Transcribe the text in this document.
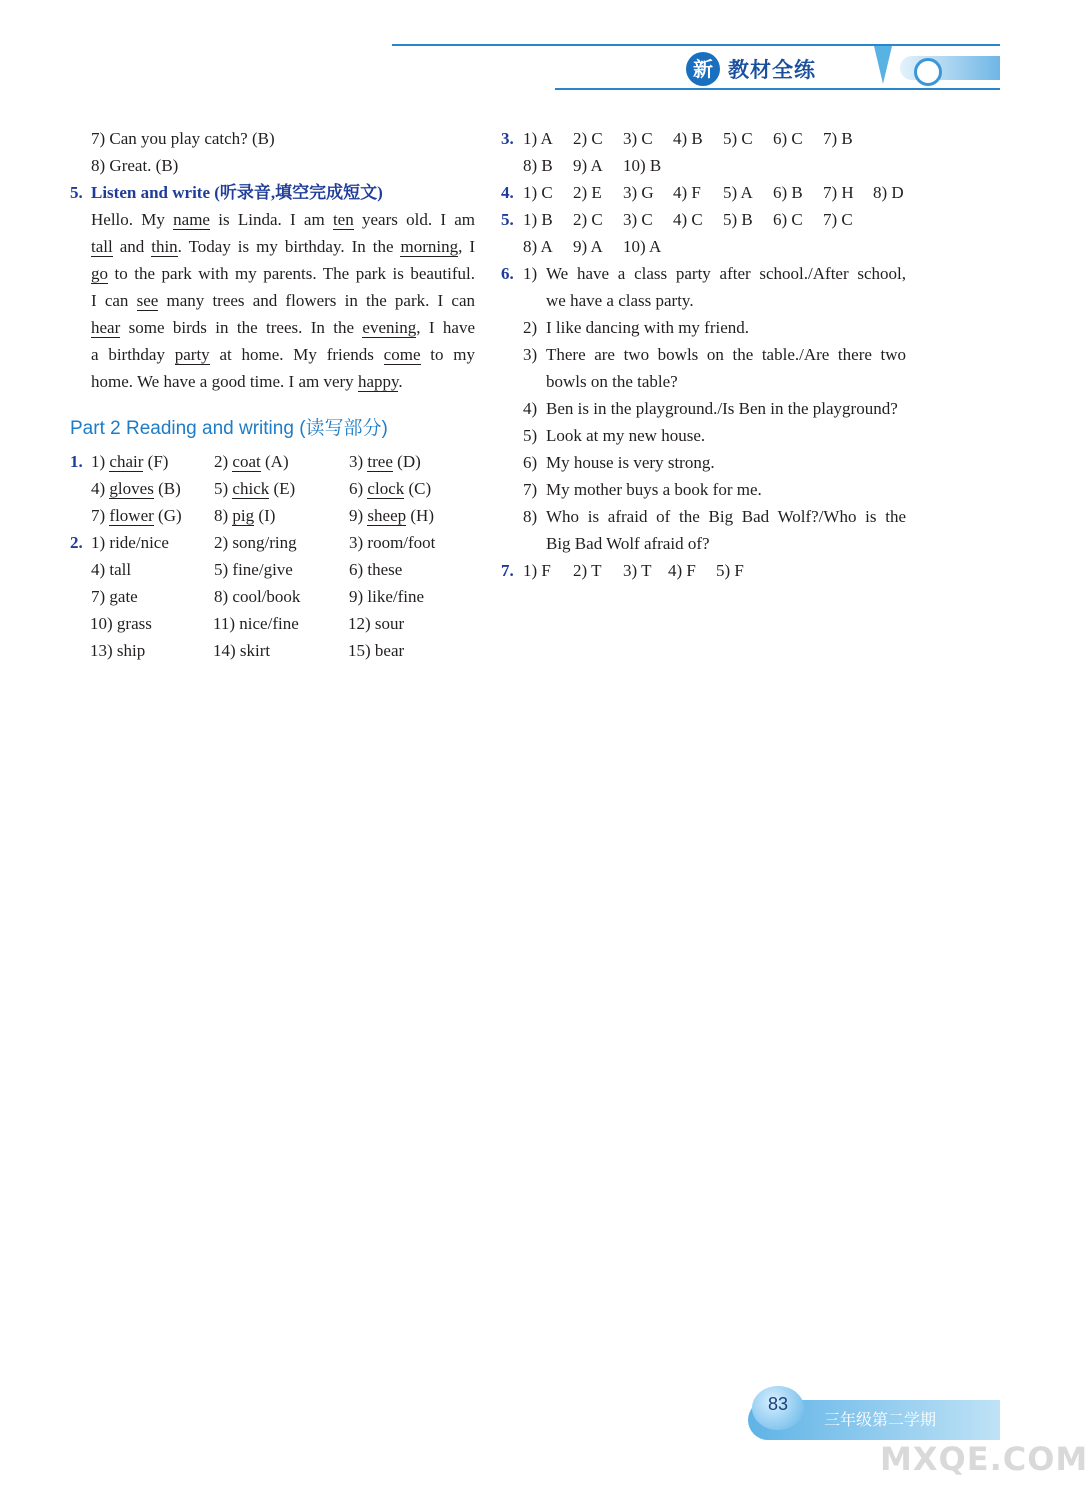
新 教材全练
7) Can you play catch? (B)
8) Great. (B)
5. Listen and write (听录音,填空完成短文)
Hello. My name is Linda. I am ten years old. I am
tall and thin. Today is my birthday. In the morning, I
go to the park with my parents. The park is beautiful.
I can see many trees and flowers in the park. I can
hear some birds in the trees. In the evening, I have
a birthday party at home. My friends come to my
home. We have a good time. I am very happy.
Part 2 Reading and writing (读写部分)
1. 1) chair (F)	2) coat (A)	3) tree (D)
4) gloves (B) 5) chick (E)	6) clock (C)
7) flower (G) 8) pig (I)	9) sheep (H)
2. 1) ride/nice	2) song/ring	3) room/foot
4) tall	5) fine/give	6) these
7) gate	8) cool/book	9) like/fine
10) grass	11) nice/fine	12) sour
13) ship	14) skirt	15) bear
3. 1) A 2) C 3) C 4) B 5) C 6) C 7) B
8) B 9) A 10) B
4. 1) C 2) E 3) G 4) F 5) A 6) B 7) H 8) D
5. 1) B 2) C 3) C 4) C 5) B 6) C 7) C
8) A 9) A 10) A
6. 1) We have a class party after school./After school,
we have a class party.
2) I like dancing with my friend.
3) There are two bowls on the table./Are there two
bowls on the table?
4) Ben is in the playground./Is Ben in the playground?
5) Look at my new house.
6) My house is very strong.
7) My mother buys a book for me.
8) Who is afraid of the Big Bad Wolf?/Who is the
Big Bad Wolf afraid of?
7. 1) F 2) T 3) T 4) F 5) F
83
三年级第二学期
MXQE.COM
